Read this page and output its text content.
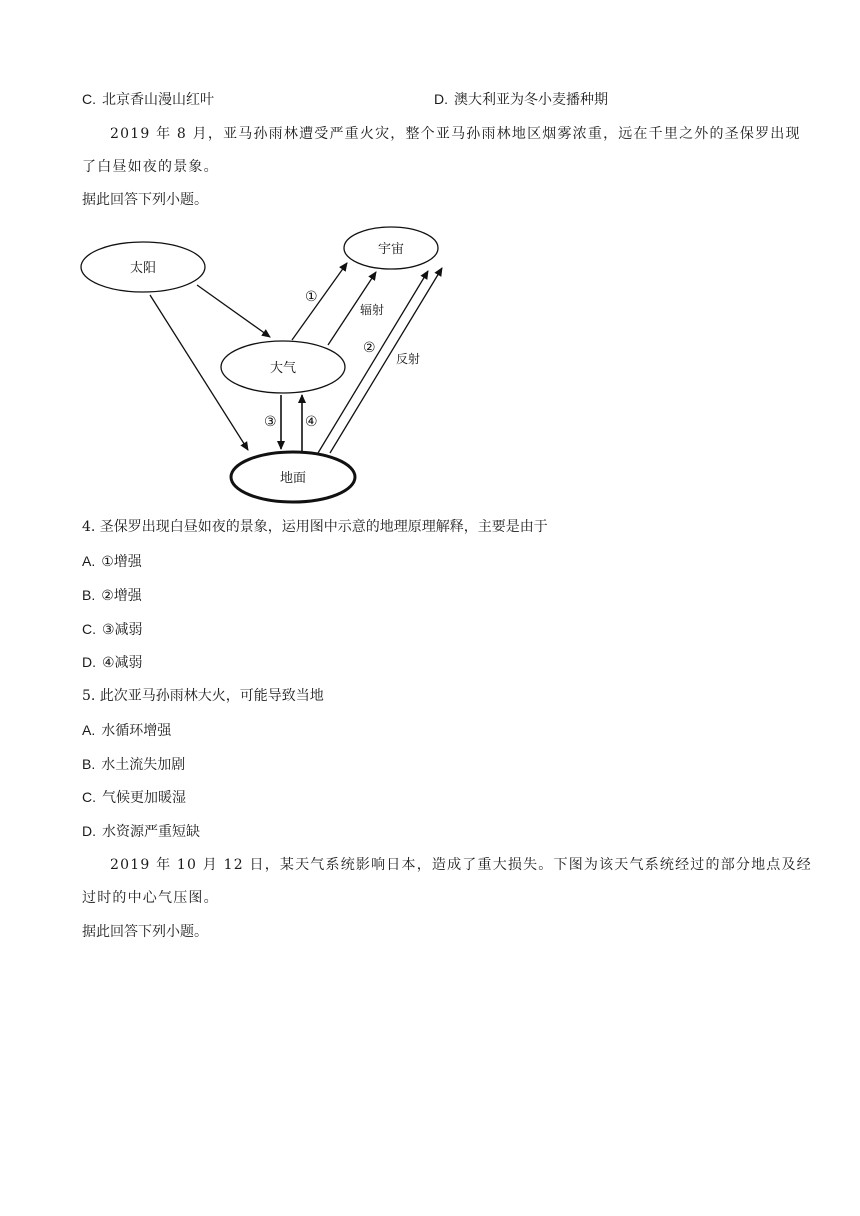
C. 北京香山漫山红叶	D. 澳大利亚为冬小麦播种期
2019 年 8 月，亚马孙雨林遭受严重火灾，整个亚马孙雨林地区烟雾浓重，远在千里之外的圣保罗出现
了白昼如夜的景象。
据此回答下列小题。
太阳
宇宙
大气
地面
①
辐射
②
反射
③ ④
4. 圣保罗出现白昼如夜的景象，运用图中示意的地理原理解释，主要是由于
A. ①增强
B. ②增强
C. ③减弱
D. ④减弱
5. 此次亚马孙雨林大火，可能导致当地
A. 水循环增强
B. 水土流失加剧
C. 气候更加暖湿
D. 水资源严重短缺
2019 年 10 月 12 日，某天气系统影响日本，造成了重大损失。下图为该天气系统经过的部分地点及经
过时的中心气压图。
据此回答下列小题。
